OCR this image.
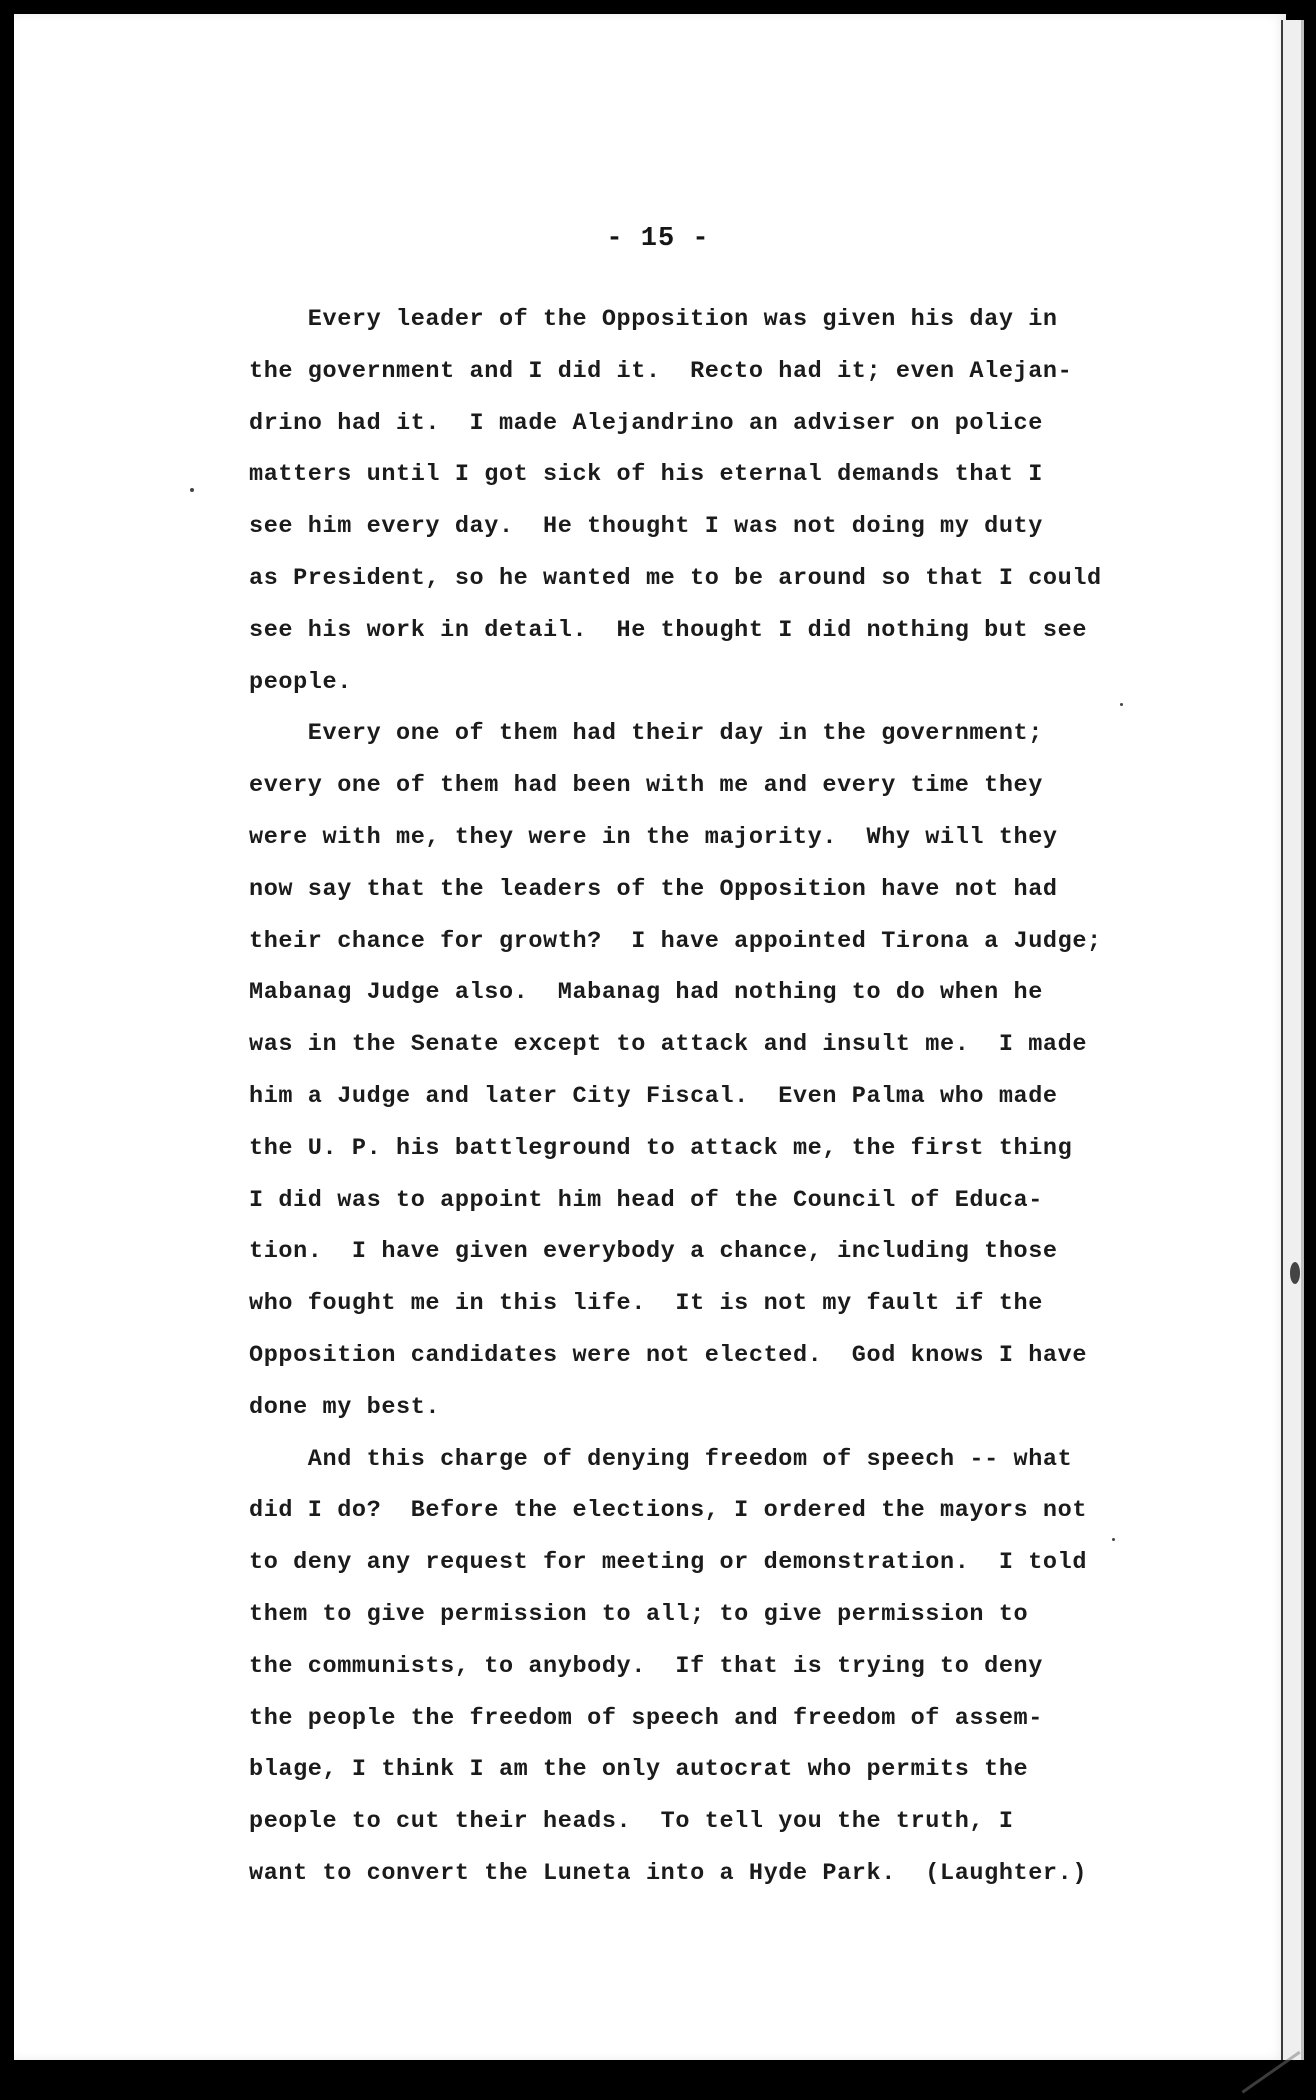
- 15 -
Every leader of the Opposition was given his day in
the government and I did it.  Recto had it; even Alejan-
drino had it.  I made Alejandrino an adviser on police
matters until I got sick of his eternal demands that I
see him every day.  He thought I was not doing my duty
as President, so he wanted me to be around so that I could
see his work in detail.  He thought I did nothing but see
people.
Every one of them had their day in the government;
every one of them had been with me and every time they
were with me, they were in the majority.  Why will they
now say that the leaders of the Opposition have not had
their chance for growth?  I have appointed Tirona a Judge;
Mabanag Judge also.  Mabanag had nothing to do when he
was in the Senate except to attack and insult me.  I made
him a Judge and later City Fiscal.  Even Palma who made
the U. P. his battleground to attack me, the first thing
I did was to appoint him head of the Council of Educa-
tion.  I have given everybody a chance, including those
who fought me in this life.  It is not my fault if the
Opposition candidates were not elected.  God knows I have
done my best.
And this charge of denying freedom of speech -- what
did I do?  Before the elections, I ordered the mayors not
to deny any request for meeting or demonstration.  I told
them to give permission to all; to give permission to
the communists, to anybody.  If that is trying to deny
the people the freedom of speech and freedom of assem-
blage, I think I am the only autocrat who permits the
people to cut their heads.  To tell you the truth, I
want to convert the Luneta into a Hyde Park.  (Laughter.)
